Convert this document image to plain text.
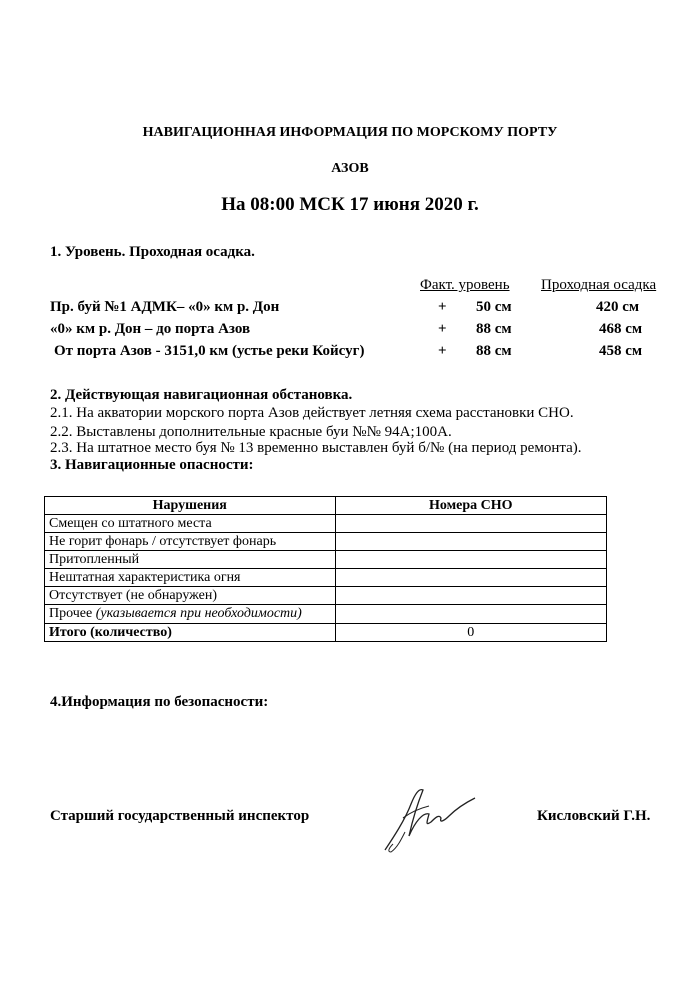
НАВИГАЦИОННАЯ ИНФОРМАЦИЯ ПО МОРСКОМУ ПОРТУ
АЗОВ
На 08:00 МСК 17 июня 2020 г.
1. Уровень. Проходная осадка.
Факт. уровень Проходная осадка
Пр. буй №1 АДМК– «0» км р. Дон	+ 50 см	420 см
«0» км р. Дон – до порта Азов	+ 88 см	468 см
От порта Азов - 3151,0 км (устье реки Койсуг)	+ 88 см	458 см
2. Действующая навигационная обстановка.
2.1. На акватории морского порта Азов действует летняя схема расстановки СНО.
2.2. Выставлены дополнительные красные буи №№ 94А;100А.
2.3. На штатное место буя № 13 временно выставлен буй б/№ (на период ремонта).
3. Навигационные опасности:
Нарушения	Номера СНО
Смещен со штатного места	
Не горит фонарь / отсутствует фонарь	
Притопленный	
Нештатная характеристика огня	
Отсутствует (не обнаружен)	
Прочее (указывается при необходимости)	
Итого (количество)	0
4.Информация по безопасности:
Старший государственный инспектор	Кисловский Г.Н.
